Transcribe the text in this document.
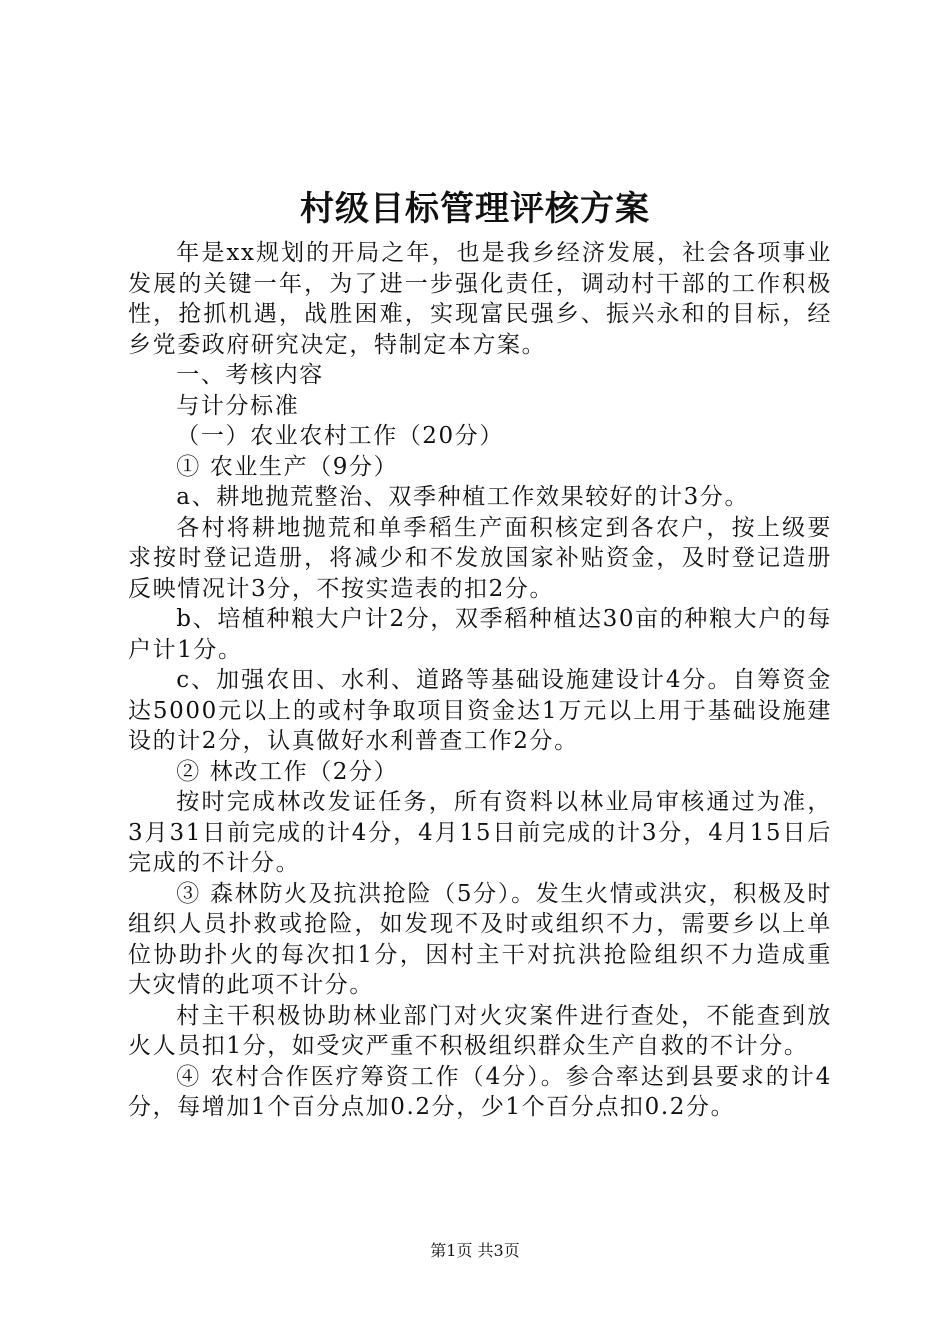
村级目标管理评核方案

年是xx规划的开局之年，也是我乡经济发展，社会各项事业发展的关键一年，为了进一步强化责任，调动村干部的工作积极性，抢抓机遇，战胜困难，实现富民强乡、振兴永和的目标，经乡党委政府研究决定，特制定本方案。

一、考核内容

与计分标准

（一）农业农村工作（20分）

① 农业生产（9分）

a、耕地抛荒整治、双季种植工作效果较好的计3分。

各村将耕地抛荒和单季稻生产面积核定到各农户，按上级要求按时登记造册，将减少和不发放国家补贴资金，及时登记造册反映情况计3分，不按实造表的扣2分。

b、培植种粮大户计2分，双季稻种植达30亩的种粮大户的每户计1分。

c、加强农田、水利、道路等基础设施建设计4分。自筹资金达5000元以上的或村争取项目资金达1万元以上用于基础设施建设的计2分，认真做好水利普查工作2分。

② 林改工作（2分）

按时完成林改发证任务，所有资料以林业局审核通过为准，3月31日前完成的计4分，4月15日前完成的计3分，4月15日后完成的不计分。

③ 森林防火及抗洪抢险（5分）。发生火情或洪灾，积极及时组织人员扑救或抢险，如发现不及时或组织不力，需要乡以上单位协助扑火的每次扣1分，因村主干对抗洪抢险组织不力造成重大灾情的此项不计分。

村主干积极协助林业部门对火灾案件进行查处，不能查到放火人员扣1分，如受灾严重不积极组织群众生产自救的不计分。

④ 农村合作医疗筹资工作（4分）。参合率达到县要求的计4分，每增加1个百分点加0.2分，少1个百分点扣0.2分。

第1页 共3页
